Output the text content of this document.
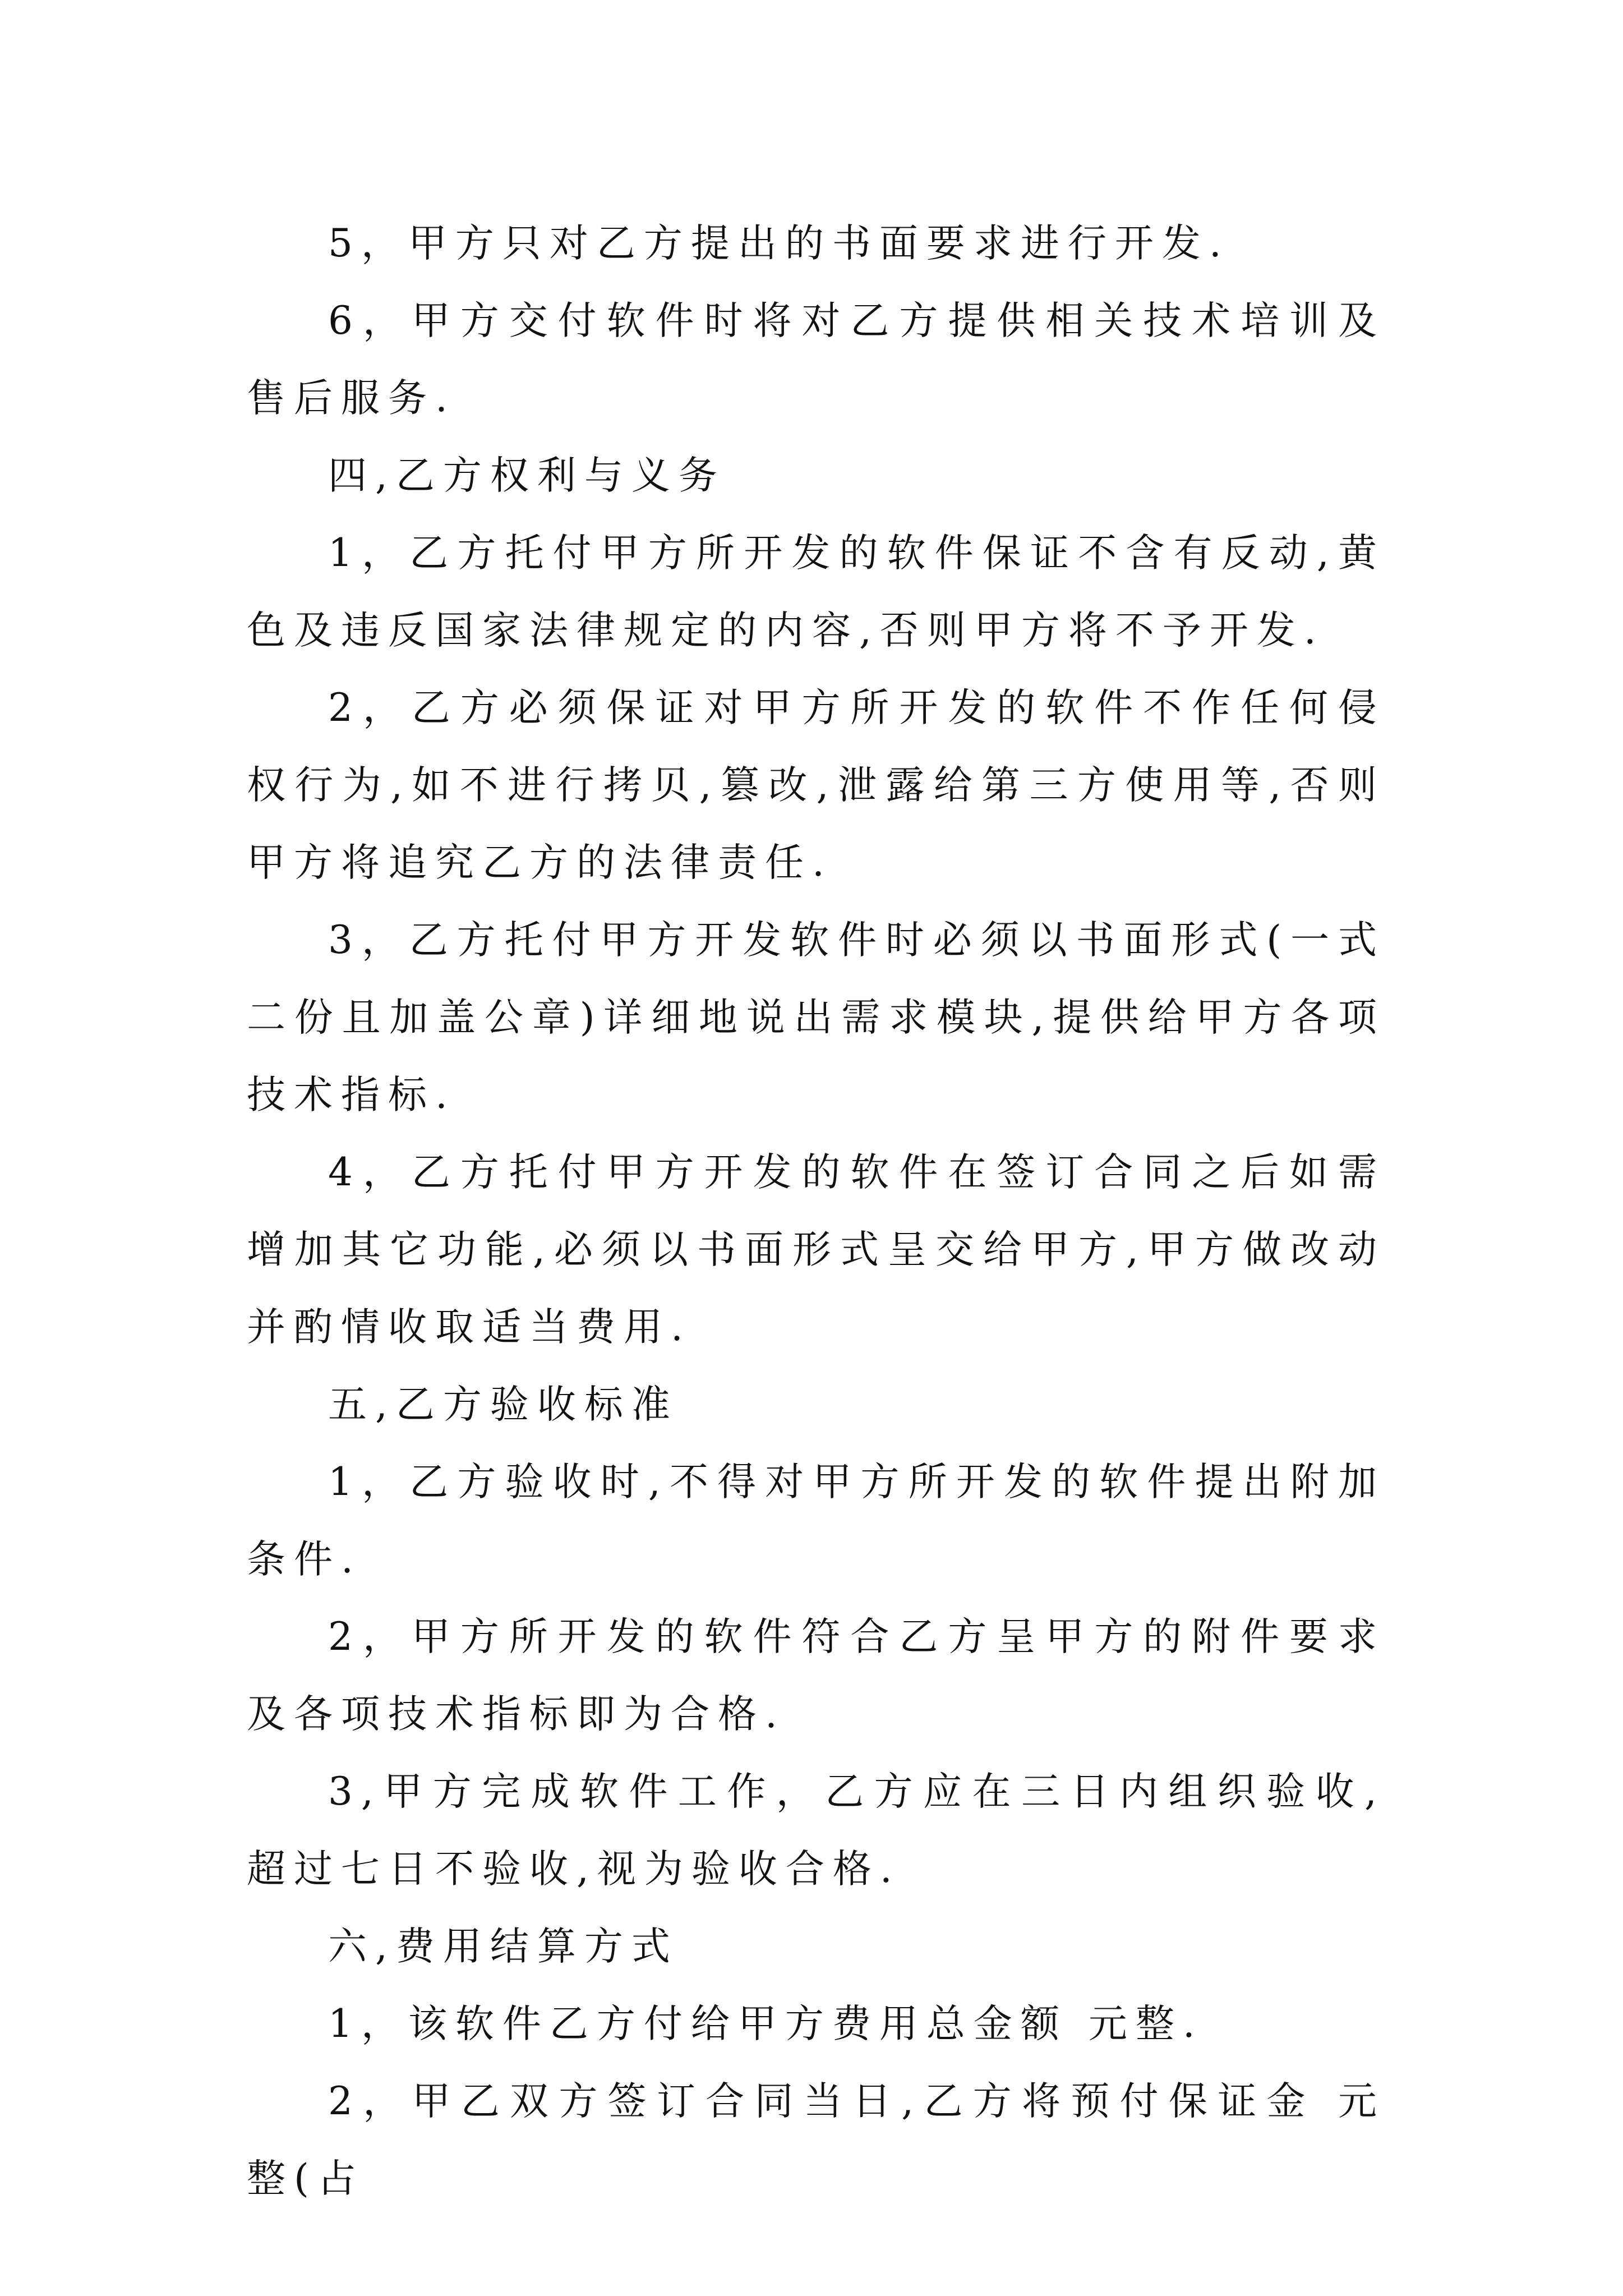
5，甲方只对乙方提出的书面要求进行开发.

6，甲方交付软件时将对乙方提供相关技术培训及售后服务.

四,乙方权利与义务

1，乙方托付甲方所开发的软件保证不含有反动,黄色及违反国家法律规定的内容,否则甲方将不予开发.

2，乙方必须保证对甲方所开发的软件不作任何侵权行为,如不进行拷贝,篡改,泄露给第三方使用等,否则甲方将追究乙方的法律责任.

3，乙方托付甲方开发软件时必须以书面形式(一式二份且加盖公章)详细地说出需求模块,提供给甲方各项技术指标.

4，乙方托付甲方开发的软件在签订合同之后如需增加其它功能,必须以书面形式呈交给甲方,甲方做改动并酌情收取适当费用.

五,乙方验收标准

1，乙方验收时,不得对甲方所开发的软件提出附加条件.

2，甲方所开发的软件符合乙方呈甲方的附件要求及各项技术指标即为合格.

3,甲方完成软件工作，乙方应在三日内组织验收,超过七日不验收,视为验收合格.

六,费用结算方式

1，该软件乙方付给甲方费用总金额 元整.

2，甲乙双方签订合同当日,乙方将预付保证金 元整(占
